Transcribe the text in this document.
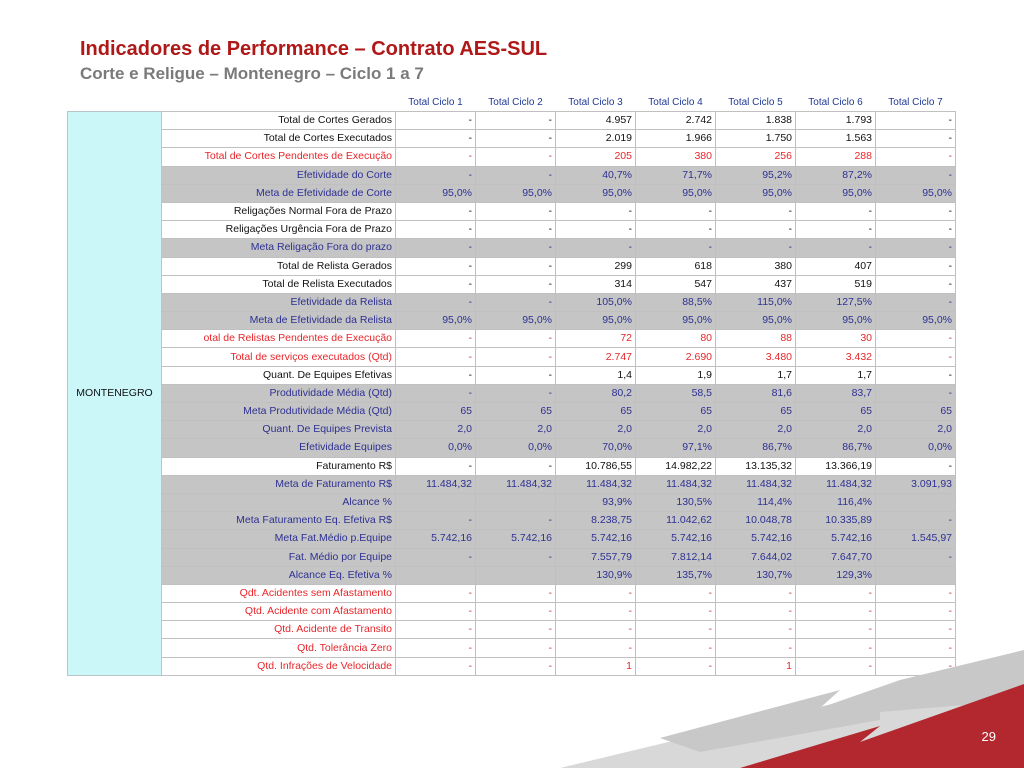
Indicadores de Performance – Contrato AES-SUL
Corte e Religue – Montenegro – Ciclo 1 a 7
		Total Ciclo 1	Total Ciclo 2	Total Ciclo 3	Total Ciclo 4	Total Ciclo 5	Total Ciclo 6	Total Ciclo 7
MONTENEGRO	Total de Cortes Gerados	-	-	4.957	2.742	1.838	1.793	-
	Total de Cortes Executados	-	-	2.019	1.966	1.750	1.563	-
	Total de Cortes Pendentes de Execução	-	-	205	380	256	288	-
	Efetividade do Corte	-	-	40,7%	71,7%	95,2%	87,2%	-
	Meta de Efetividade de Corte	95,0%	95,0%	95,0%	95,0%	95,0%	95,0%	95,0%
	Religações Normal Fora de Prazo	-	-	-	-	-	-	-
	Religações Urgência Fora de Prazo	-	-	-	-	-	-	-
	Meta Religação Fora do prazo	-	-	-	-	-	-	-
	Total de Relista Gerados	-	-	299	618	380	407	-
	Total de Relista Executados	-	-	314	547	437	519	-
	Efetividade da Relista	-	-	105,0%	88,5%	115,0%	127,5%	-
	Meta de Efetividade da Relista	95,0%	95,0%	95,0%	95,0%	95,0%	95,0%	95,0%
	otal de Relistas Pendentes de Execução	-	-	72	80	88	30	-
	Total de serviços executados (Qtd)	-	-	2.747	2.690	3.480	3.432	-
	Quant. De Equipes Efetivas	-	-	1,4	1,9	1,7	1,7	-
	Produtividade Média (Qtd)	-	-	80,2	58,5	81,6	83,7	-
	Meta Produtividade Média (Qtd)	65	65	65	65	65	65	65
	Quant. De Equipes Prevista	2,0	2,0	2,0	2,0	2,0	2,0	2,0
	Efetividade Equipes	0,0%	0,0%	70,0%	97,1%	86,7%	86,7%	0,0%
	Faturamento R$	-	-	10.786,55	14.982,22	13.135,32	13.366,19	-
	Meta de Faturamento R$	11.484,32	11.484,32	11.484,32	11.484,32	11.484,32	11.484,32	3.091,93
	Alcance %			93,9%	130,5%	114,4%	116,4%	
	Meta Faturamento Eq. Efetiva R$	-	-	8.238,75	11.042,62	10.048,78	10.335,89	-
	Meta Fat.Médio p.Equipe	5.742,16	5.742,16	5.742,16	5.742,16	5.742,16	5.742,16	1.545,97
	Fat. Médio por Equipe	-	-	7.557,79	7.812,14	7.644,02	7.647,70	-
	Alcance Eq. Efetiva %			130,9%	135,7%	130,7%	129,3%	
	Qdt. Acidentes sem Afastamento	-	-	-	-	-	-	-
	Qtd. Acidente com Afastamento	-	-	-	-	-	-	-
	Qtd. Acidente de Transito	-	-	-	-	-	-	-
	Qtd. Tolerância Zero	-	-	-	-	-	-	-
	Qtd. Infrações de Velocidade	-	-	1	-	1	-	-
29
